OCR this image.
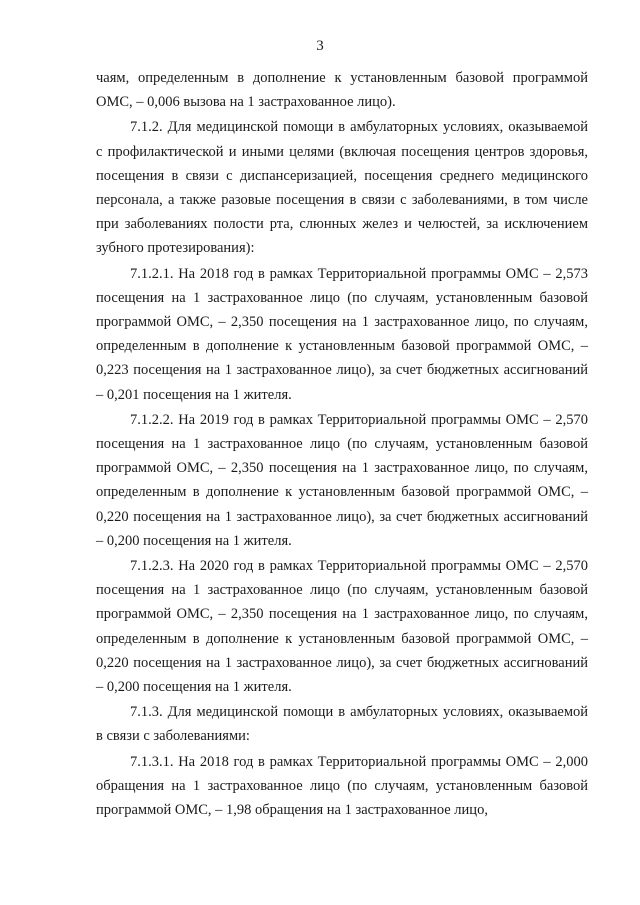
3

чаям, определенным в дополнение к установленным базовой программой ОМС, – 0,006 вызова на 1 застрахованное лицо).

7.1.2. Для медицинской помощи в амбулаторных условиях, оказываемой с профилактической и иными целями (включая посещения центров здоровья, посещения в связи с диспансеризацией, посещения среднего медицинского персонала, а также разовые посещения в связи с заболеваниями, в том числе при заболеваниях полости рта, слюнных желез и челюстей, за исключением зубного протезирования):

7.1.2.1. На 2018 год в рамках Территориальной программы ОМС – 2,573 посещения на 1 застрахованное лицо (по случаям, установленным базовой программой ОМС, – 2,350 посещения на 1 застрахованное лицо, по случаям, определенным в дополнение к установленным базовой программой ОМС, – 0,223 посещения на 1 застрахованное лицо), за счет бюджетных ассигнований – 0,201 посещения на 1 жителя.

7.1.2.2. На 2019 год в рамках Территориальной программы ОМС – 2,570 посещения на 1 застрахованное лицо (по случаям, установленным базовой программой ОМС, – 2,350 посещения на 1 застрахованное лицо, по случаям, определенным в дополнение к установленным базовой программой ОМС, – 0,220 посещения на 1 застрахованное лицо), за счет бюджетных ассигнований – 0,200 посещения на 1 жителя.

7.1.2.3. На 2020 год в рамках Территориальной программы ОМС – 2,570 посещения на 1 застрахованное лицо (по случаям, установленным базовой программой ОМС, – 2,350 посещения на 1 застрахованное лицо, по случаям, определенным в дополнение к установленным базовой программой ОМС, – 0,220 посещения на 1 застрахованное лицо), за счет бюджетных ассигнований – 0,200 посещения на 1 жителя.

7.1.3. Для медицинской помощи в амбулаторных условиях, оказываемой в связи с заболеваниями:

7.1.3.1. На 2018 год в рамках Территориальной программы ОМС – 2,000 обращения на 1 застрахованное лицо (по случаям, установленным базовой программой ОМС, – 1,98 обращения на 1 застрахованное лицо,
